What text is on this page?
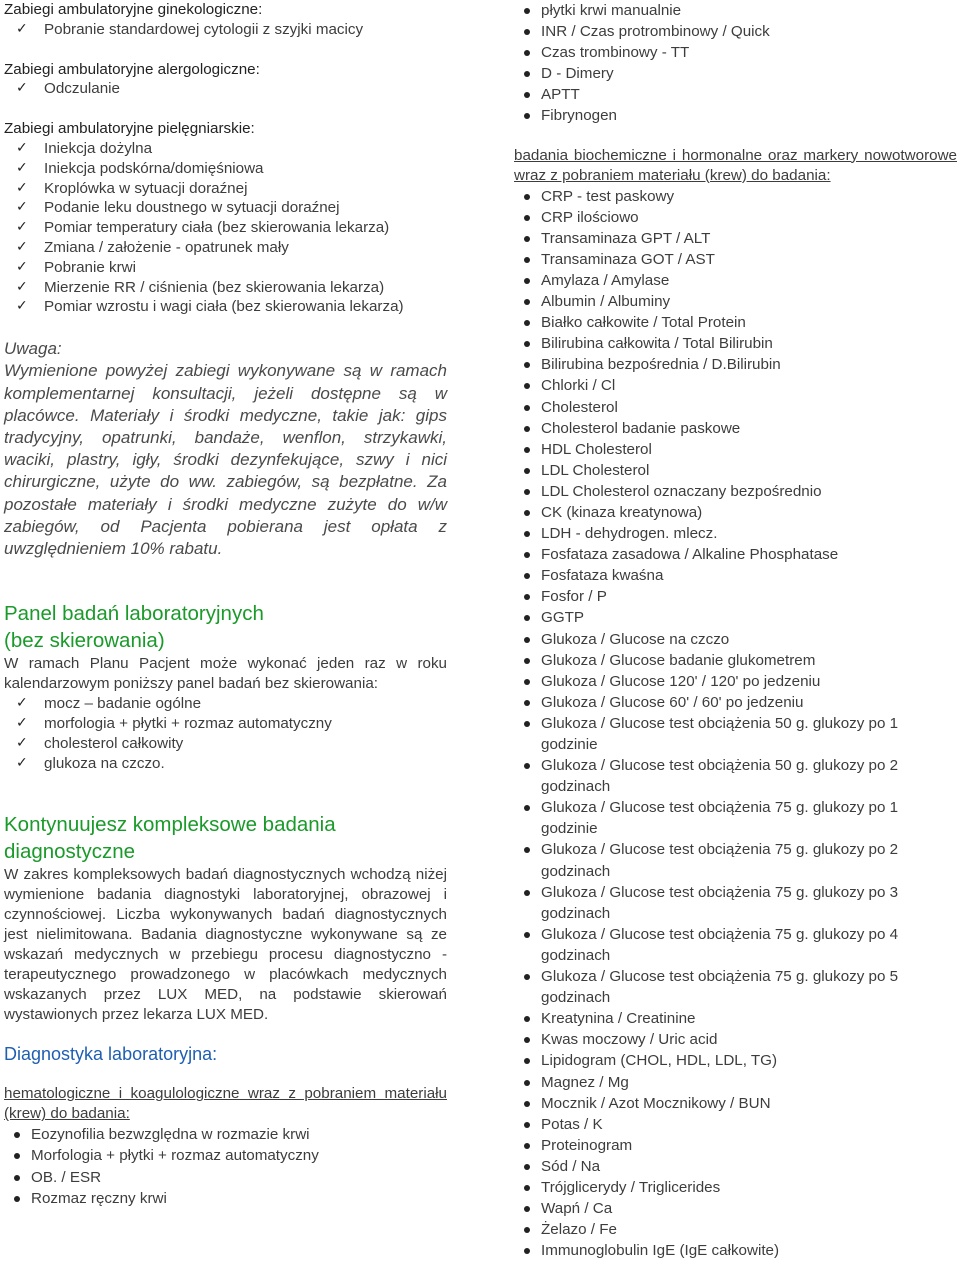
Zabiegi ambulatoryjne ginekologiczne:

✓ Pobranie standardowej cytologii z szyjki macicy

Zabiegi ambulatoryjne alergologiczne:

✓ Odczulanie

Zabiegi ambulatoryjne pielęgniarskie:

✓ Iniekcja dożylna
✓ Iniekcja podskórna/domięśniowa
✓ Kroplówka w sytuacji doraźnej
✓ Podanie leku doustnego w sytuacji doraźnej
✓ Pomiar temperatury ciała (bez skierowania lekarza)
✓ Zmiana / założenie - opatrunek mały
✓ Pobranie krwi
✓ Mierzenie RR / ciśnienia (bez skierowania lekarza)
✓ Pomiar wzrostu i wagi ciała (bez skierowania lekarza)

Uwaga:

Wymienione powyżej zabiegi wykonywane są w ramach komplementarnej konsultacji, jeżeli dostępne są w placówce. Materiały i środki medyczne, takie jak: gips tradycyjny, opatrunki, bandaże, wenflon, strzykawki, waciki, plastry, igły, środki dezynfekujące, szwy i nici chirurgiczne, użyte do ww. zabiegów, są bezpłatne. Za pozostałe materiały i środki medyczne zużyte do w/w zabiegów, od Pacjenta pobierana jest opłata z uwzględnieniem 10% rabatu.

Panel badań laboratoryjnych

(bez skierowania)

W ramach Planu Pacjent może wykonać jeden raz w roku kalendarzowym poniższy panel badań bez skierowania:

✓ mocz – badanie ogólne
✓ morfologia + płytki + rozmaz automatyczny
✓ cholesterol całkowity
✓ glukoza na czczo.

Kontynuujesz kompleksowe badania

diagnostyczne

W zakres kompleksowych badań diagnostycznych wchodzą niżej wymienione badania diagnostyki laboratoryjnej, obrazowej i czynnościowej. Liczba wykonywanych badań diagnostycznych jest nielimitowana. Badania diagnostyczne wykonywane są ze wskazań medycznych w przebiegu procesu diagnostyczno - terapeutycznego prowadzonego w placówkach medycznych wskazanych przez LUX MED, na podstawie skierowań wystawionych przez lekarza LUX MED.

Diagnostyka laboratoryjna:

hematologiczne i koagulologiczne wraz z pobraniem materiału (krew) do badania:

Eozynofilia bezwzględna w rozmazie krwi
Morfologia + płytki + rozmaz automatyczny
OB. / ESR
Rozmaz ręczny krwi
płytki krwi manualnie
INR / Czas protrombinowy / Quick
Czas trombinowy - TT
D - Dimery
APTT
Fibrynogen

badania biochemiczne i hormonalne oraz markery nowotworowe wraz z pobraniem materiału (krew) do badania:

CRP - test paskowy
CRP ilościowo
Transaminaza GPT / ALT
Transaminaza GOT / AST
Amylaza / Amylase
Albumin / Albuminy
Białko całkowite / Total Protein
Bilirubina całkowita / Total Bilirubin
Bilirubina bezpośrednia / D.Bilirubin
Chlorki / Cl
Cholesterol
Cholesterol badanie paskowe
HDL Cholesterol
LDL Cholesterol
LDL Cholesterol oznaczany bezpośrednio
CK (kinaza kreatynowa)
LDH - dehydrogen. mlecz.
Fosfataza zasadowa / Alkaline Phosphatase
Fosfataza kwaśna
Fosfor / P
GGTP
Glukoza / Glucose na czczo
Glukoza / Glucose badanie glukometrem
Glukoza / Glucose 120' / 120' po jedzeniu
Glukoza / Glucose 60' / 60' po jedzeniu
Glukoza / Glucose test obciążenia 50 g. glukozy po 1 godzinie
Glukoza / Glucose test obciążenia 50 g. glukozy po 2 godzinach
Glukoza / Glucose test obciążenia 75 g. glukozy po 1 godzinie
Glukoza / Glucose test obciążenia 75 g. glukozy po 2 godzinach
Glukoza / Glucose test obciążenia 75 g. glukozy po 3 godzinach
Glukoza / Glucose test obciążenia 75 g. glukozy po 4 godzinach
Glukoza / Glucose test obciążenia 75 g. glukozy po 5 godzinach
Kreatynina / Creatinine
Kwas moczowy / Uric acid
Lipidogram (CHOL, HDL, LDL, TG)
Magnez / Mg
Mocznik / Azot Mocznikowy / BUN
Potas / K
Proteinogram
Sód / Na
Trójglicerydy / Triglicerides
Wapń / Ca
Żelazo / Fe
Immunoglobulin IgE (IgE całkowite)
